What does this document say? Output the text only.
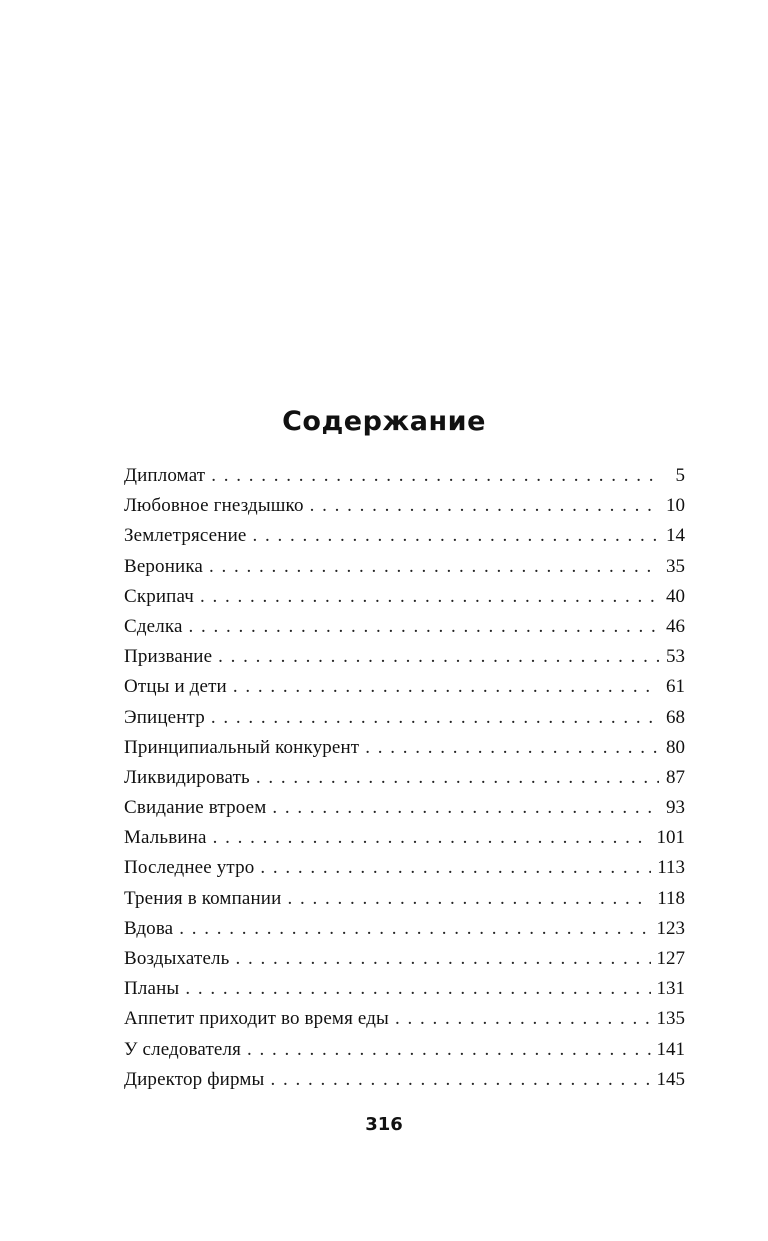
Содержание
Дипломат . . .	5
Любовное гнездышко . . .	10
Землетрясение . . .	14
Вероника . . .	35
Скрипач . . .	40
Сделка . . .	46
Призвание . . .	53
Отцы и дети . . .	61
Эпицентр . . .	68
Принципиальный конкурент . . .	80
Ликвидировать . . .	87
Свидание втроем . . .	93
Мальвина . . .	101
Последнее утро . . .	113
Трения в компании . . .	118
Вдова . . .	123
Воздыхатель . . .	127
Планы . . .	131
Аппетит приходит во время еды . . .	135
У следователя . . .	141
Директор фирмы . . .	145
316
